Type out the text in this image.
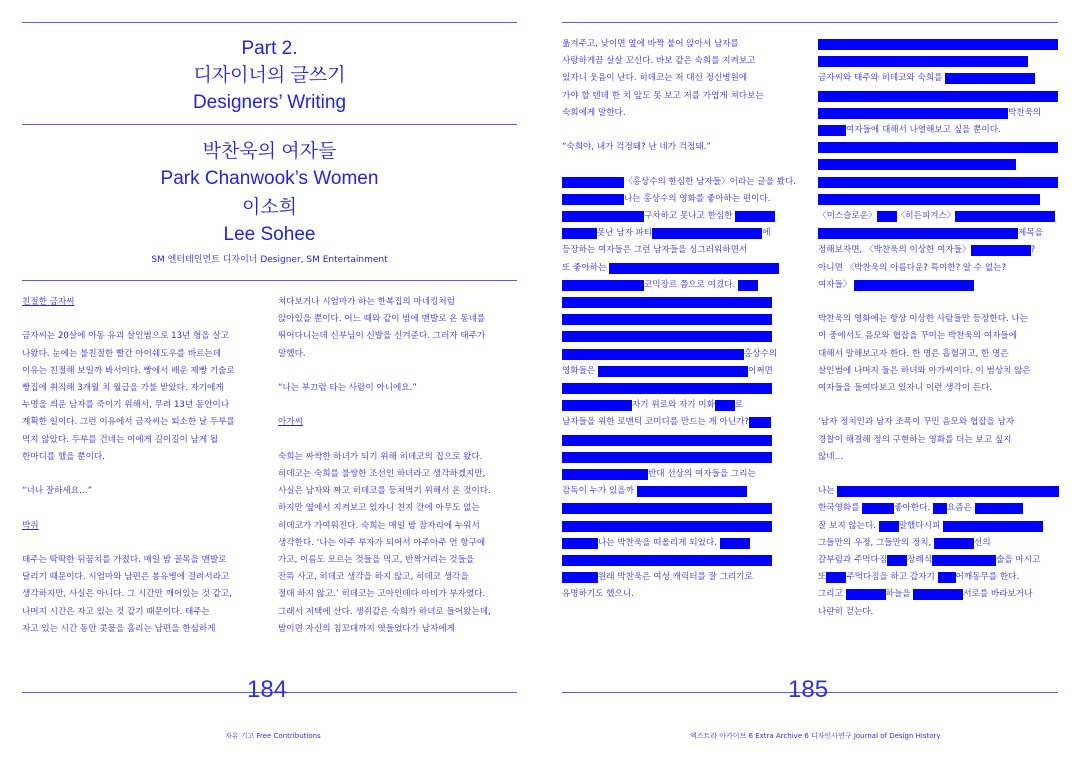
Part 2.
디자이너의 글쓰기
Designers’ Writing
박찬욱의 여자들
Park Chanwook’s Women
이소희
Lee Sohee
SM 엔터테인먼트 디자이너 Designer, SM Entertainment
친절한 금자씨
금자씨는 20살에 아동 유괴 살인범으로 13년 형을 살고
나왔다. 눈에는 불친절한 빨간 아이쉐도우를 바르는데
이유는 친절해 보일까 봐서이다. 빵에서 배운 제빵 기술로
빵집에 취직해 3개월 치 월급을 가불 받았다. 자기에게
누명을 씌운 남자를 죽이기 위해서, 무려 13년 동안이나
계획한 일이다. 그런 이유에서 금자씨는 퇴소한 날 두부를
먹지 않았다. 두부를 건네는 이에게 길이길이 남게 될
한마디를 했을 뿐이다.
“너나 잘하세요…”
박쥐
태주는 딱딱한 뒤꿈치를 가졌다. 매일 밤 골목을 맨발로
달리기 때문이다. 시엄마와 남편은 봉유병에 걸려서라고
생각하지만, 사실은 아니다. 그 시간만 깨어있는 것 같고,
나머지 시간은 자고 있는 것 같기 때문이다. 태주는
자고 있는 시간 동안 콧물을 흘리는 남편을 한심하게
쳐다보거나 시엄마가 하는 한복집의 마네킹처럼
앉아있을 뿐이다. 어느 때와 같이 밤에 맨발로 온 동네를
뛰어다니는데 신부님이 신발을 신겨준다. 그러자 태주가
말했다.
“나는 부끄럼 타는 사람이 아니에요.”
아가씨
숙희는 싸싹한 하녀가 되기 위해 히데코의 집으로 왔다.
히데코는 숙희를 불쌍한 조선인 하녀라고 생각하겠지만,
사실은 남자와 짜고 히데코를 등쳐먹기 위해서 온 것이다.
하지만 옆에서 지켜보고 있자니 친지 간에 아무도 없는
히데코가 가여워진다. 숙희는 매일 밤 잠자리에 누워서
생각한다. ‘나는 아주 부자가 되어서 아주아주 먼 항구에
가고, 이름도 모르는 것들을 먹고, 반짝거리는 것들을
잔뜩 사고, 히데코 생각을 하지 않고, 히데코 생각을
절대 하지 않고.’ 히데코는 고아인데다 아비가 부자였다.
그래서 저택에 산다. 생쥐같은 숙희가 하녀로 들어왔는데,
밤이면 자신의 침꼬대까지 엿들었다가 남자에게
184
자유 기고 Free Contributions
옮겨주고, 낮이면 옆에 바짝 붙어 앉아서 남자를
사랑하게끔 살살 꼬신다. 바보 같은 숙희를 지켜보고
있자니 웃음이 난다. 히데코는 저 대신 정신병원에
가야 할 텐데 한 치 앞도 못 보고 저를 가엽게 쳐다보는
숙희에게 말한다.
“숙희야, 내가 걱정돼? 난 네가 걱정돼.”
〈홍상수의 한심한 남자들〉이라는 글을 봤다.
나는 홍상수의 영화를 좋아하는 편이다.
구차하고 못나고 한심한
못난 남자 파티	에
등장하는 여자들은 그런 남자들을 싱그러워하면서
또 좋아하는
코믹장르 쯤으로 여겼다.
홍상수의
영화들은	이쩌면
자기 위로와 자기 미화 로
남자들을 위한 로맨틱 코미디를 만드는 게 아닌가?
반대 선상의 여자들을 그리는
감독이 누가 있을까
나는 박찬욱을 떠올리게 되었다.
원래 박찬욱은 여성 캐릭터를 잘 그리기로
유명하기도 했으니.
금자씨와 태주와 히데코와 숙희를
박찬욱의
여자들에 대해서 나열해보고 싶을 뿐이다.
〈미스슬로운〉 〈히든피겨스〉
제목을
정해보자면, 〈박찬욱의 이상한 여자들〉	?
아니면 〈박찬욱의 아름다운? 특이한? 알 수 없는?
여자들〉
박찬욱의 영화에는 항상 이상한 사람들만 등장한다. 나는
이 중에서도 음모와 협잡을 꾸미는 박찬욱의 여자들에
대해서 말해보고자 한다. 한 명은 흡혈귀고, 한 명은
살인범에 나머지 둘은 하녀와 아가씨이다. 이 범상치 않은
여자들을 들여다보고 있자니 이런 생각이 든다.
‘남자 정치인과 남자 조폭이 꾸민 음모와 협잡을 남자
경찰이 해결해 정의 구현하는 영화를 더는 보고 싶지
않네…
나는
한국영화를	좋아한다. 요즘은
잘 보지 않는다. 말했다시피
그들만의 우정, 그들만의 정치,	선의
갈부림과 주먹다짐 장례식	술을 마시고
또 주먹다짐을 하고 갑자기 어깨동무를 한다.
그리고	하늘을	서로를 바라보거나
나란히 걷는다.
185
엑스트라 아카이브 6 Extra Archive 6 디자인사연구 Journal of Design History
